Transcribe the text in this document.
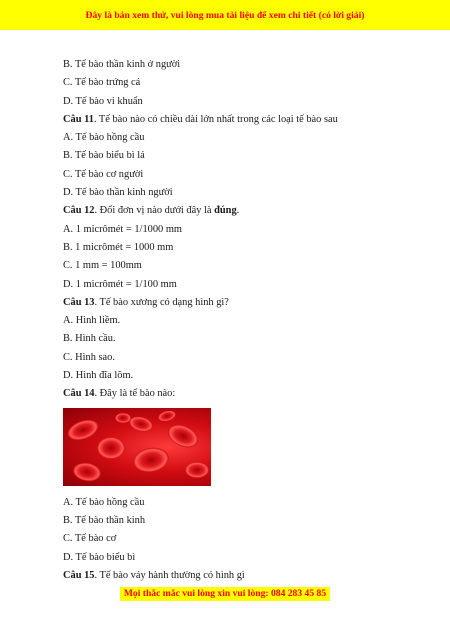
Đây là bản xem thử, vui lòng mua tài liệu để xem chi tiết (có lời giải)
B. Tế bào thần kinh ở người
C. Tế bào trứng cá
D. Tế bào vi khuẩn
Câu 11. Tế bào nào có chiều dài lớn nhất trong các loại tế bào sau
A. Tế bào hồng cầu
B. Tế bào biểu bì lá
C. Tế bào cơ người
D. Tế bào thần kinh người
Câu 12. Đổi đơn vị nào dưới đây là đúng.
A. 1 micrômét = 1/1000 mm
B. 1 micrômét = 1000 mm
C. 1 mm = 100mm
D. 1 micrômét = 1/100 mm
Câu 13. Tế bào xương có dạng hình gì?
A. Hình liềm.
B. Hình cầu.
C. Hình sao.
D. Hình đĩa lõm.
Câu 14. Đây là tế bào nào:
A. Tế bào hồng cầu
B. Tế bào thần kinh
C. Tế bào cơ
D. Tế bào biểu bì
Câu 15. Tế bào vảy hành thường có hình gì
Mọi thắc mắc vui lòng xin vui lòng: 084 283 45 85
